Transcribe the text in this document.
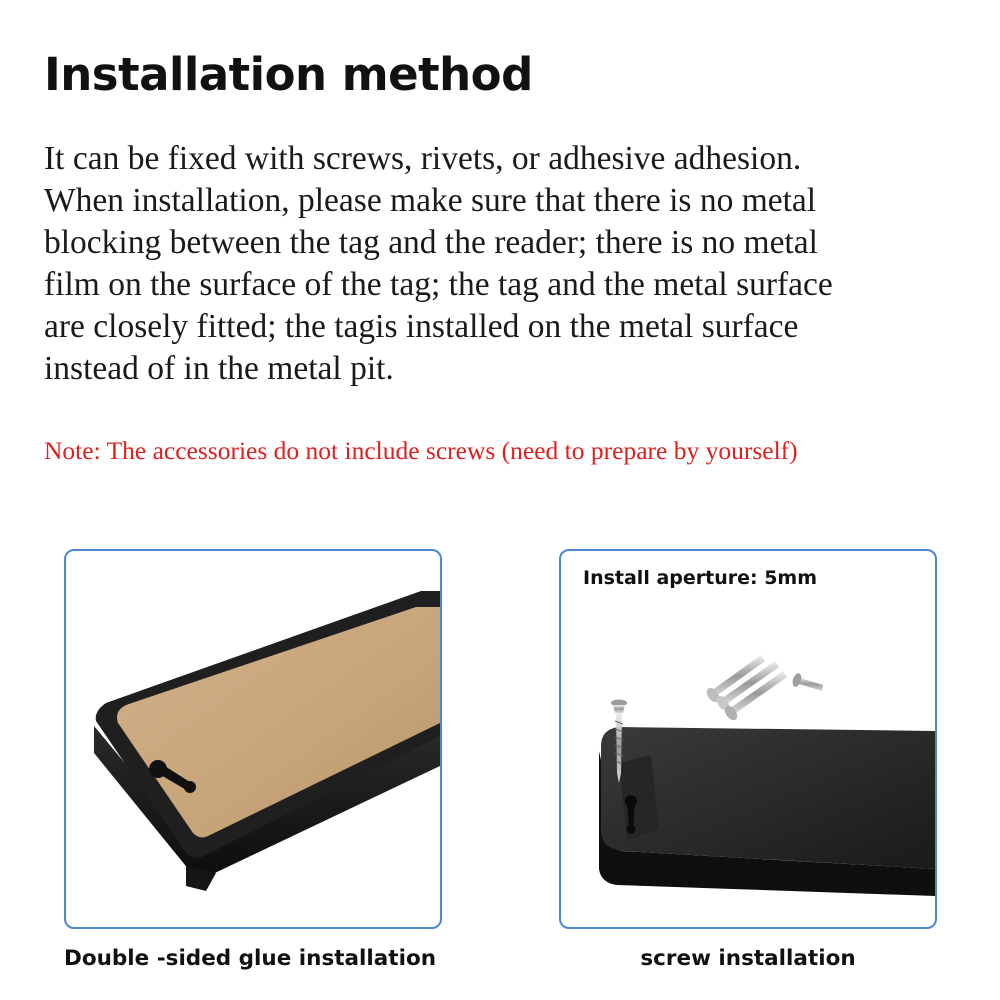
Installation method
It can be fixed with screws, rivets, or adhesive adhesion.
When installation, please make sure that there is no metal
blocking between the tag and the reader; there is no metal
film on the surface of the tag; the tag and the metal surface
are closely fitted; the tagis installed on the metal surface
instead of in the metal pit.
Note: The accessories do not include screws (need to prepare by yourself)
Install aperture: 5mm
Double -sided glue installation	screw installation
